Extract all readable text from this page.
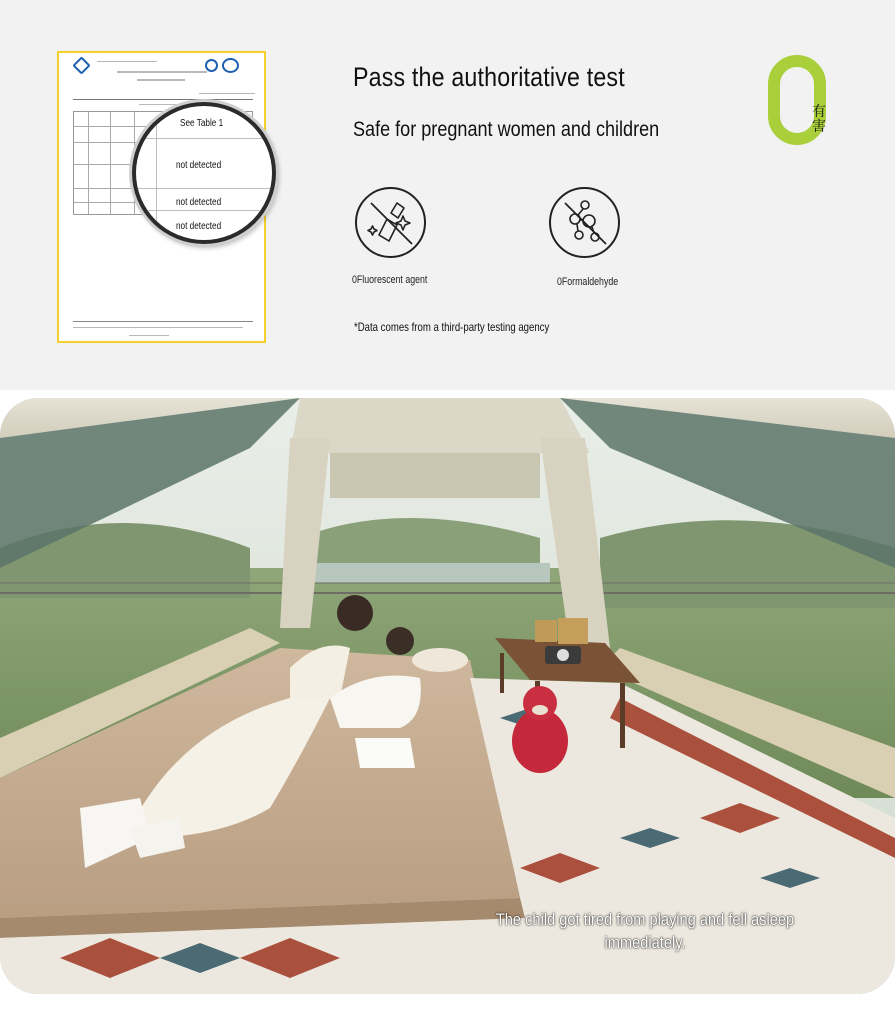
See Table 1
not detected
not detected
not detected
Pass the authoritative test
Safe for pregnant women and children
有
害
0Fluorescent agent	0Formaldehyde
*Data comes from a third-party testing agency
The child got tired from playing and fell asleep
immediately.
